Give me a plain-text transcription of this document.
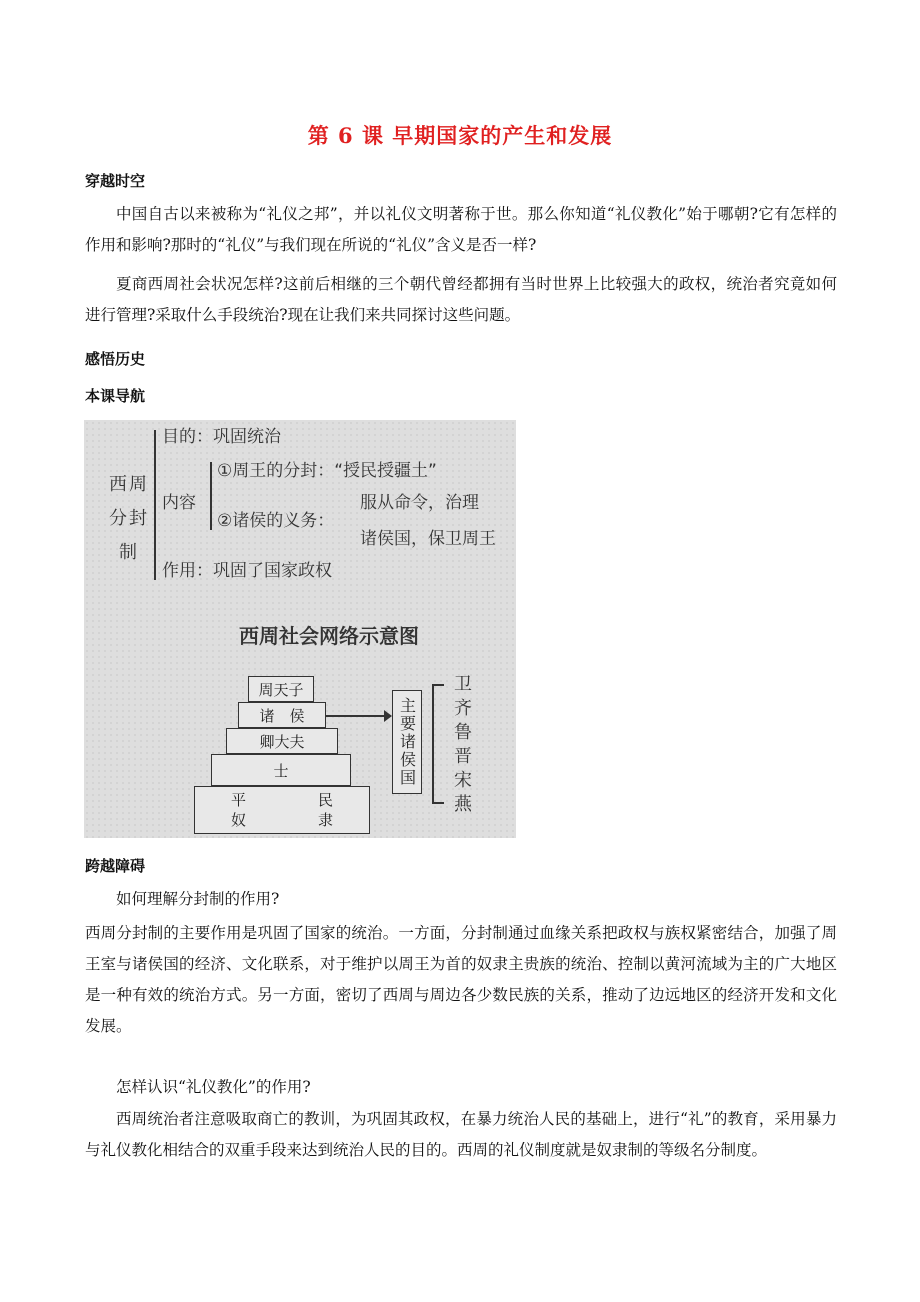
第 6 课 早期国家的产生和发展
穿越时空
中国自古以来被称为“礼仪之邦”，并以礼仪文明著称于世。那么你知道“礼仪教化”始于哪朝?它有怎样的作用和影响?那时的“礼仪”与我们现在所说的“礼仪”含义是否一样?
夏商西周社会状况怎样?这前后相继的三个朝代曾经都拥有当时世界上比较强大的政权，统治者究竟如何进行管理?采取什么手段统治?现在让我们来共同探讨这些问题。
感悟历史
本课导航
西周分封制
目的：巩固统治
内容
①周王的分封：“授民授疆土”
②诸侯的义务：
服从命令，治理
诸侯国，保卫周王
作用：巩固了国家政权
西周社会网络示意图
周天子
诸　侯
卿大夫
士
平
奴
民
隶
主要诸侯国	卫齐鲁晋宋燕
跨越障碍
如何理解分封制的作用?
西周分封制的主要作用是巩固了国家的统治。一方面，分封制通过血缘关系把政权与族权紧密结合，加强了周王室与诸侯国的经济、文化联系，对于维护以周王为首的奴隶主贵族的统治、控制以黄河流域为主的广大地区是一种有效的统治方式。另一方面，密切了西周与周边各少数民族的关系，推动了边远地区的经济开发和文化发展。
怎样认识“礼仪教化”的作用?
西周统治者注意吸取商亡的教训，为巩固其政权，在暴力统治人民的基础上，进行“礼”的教育，采用暴力与礼仪教化相结合的双重手段来达到统治人民的目的。西周的礼仪制度就是奴隶制的等级名分制度。
